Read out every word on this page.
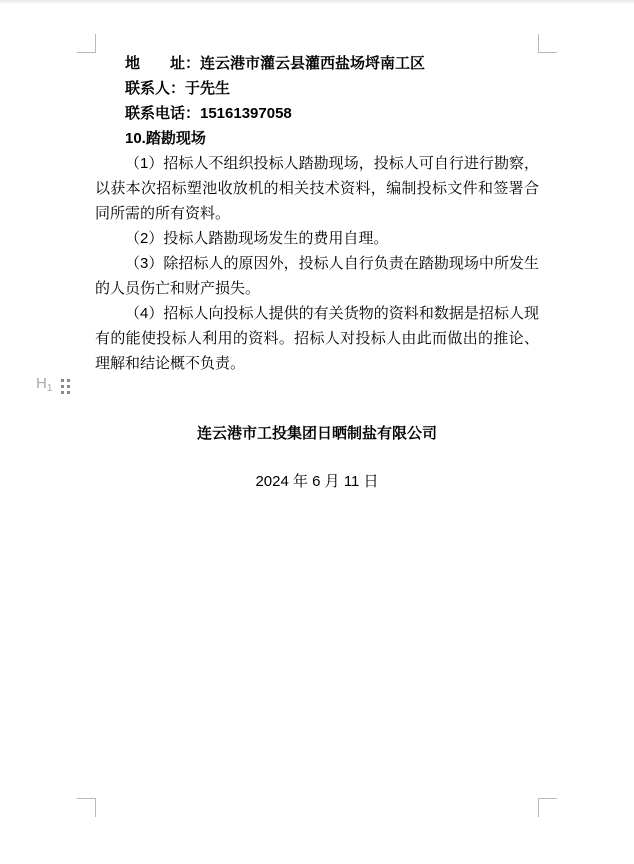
地　　址：连云港市灌云县灌西盐场埒南工区

联系人：于先生

联系电话：15161397058

10.踏勘现场

（1）招标人不组织投标人踏勘现场，投标人可自行进行勘察，以获本次招标塑池收放机的相关技术资料，编制投标文件和签署合同所需的所有资料。

（2）投标人踏勘现场发生的费用自理。

（3）除招标人的原因外，投标人自行负责在踏勘现场中所发生的人员伤亡和财产损失。

（4）招标人向投标人提供的有关货物的资料和数据是招标人现有的能使投标人利用的资料。招标人对投标人由此而做出的推论、理解和结论概不负责。

$H_1$
连云港市工投集团日晒制盐有限公司
2024 年 6 月 11 日
